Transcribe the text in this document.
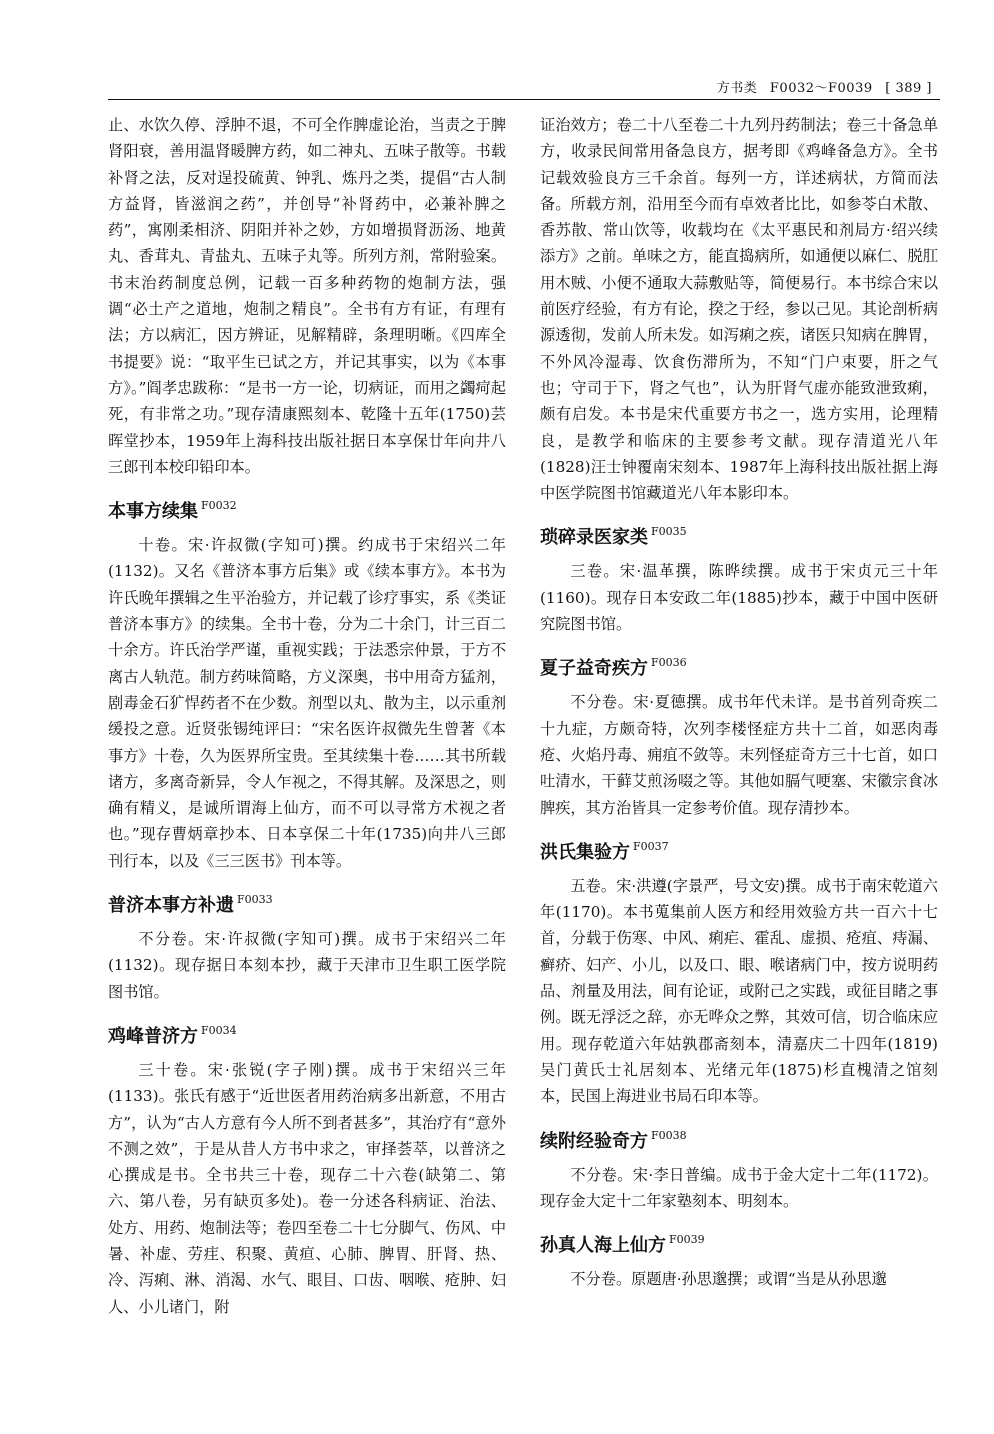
方书类 F0032～F0039 [ 389 ]

止、水饮久停、浮肿不退，不可全作脾虚论治，当责之于脾肾阳衰，善用温肾暖脾方药，如二神丸、五味子散等。书载补肾之法，反对逞投硫黄、钟乳、炼丹之类，提倡“古人制方益肾，皆滋润之药”，并创导“补肾药中，必兼补脾之药”，寓刚柔相济、阴阳并补之妙，方如增损肾沥汤、地黄丸、香茸丸、青盐丸、五味子丸等。所列方剂，常附验案。书末治药制度总例，记载一百多种药物的炮制方法，强调“必土产之道地，炮制之精良”。全书有方有证，有理有法；方以病汇，因方辨证，见解精辟，条理明晰。《四库全书提要》说：“取平生已试之方，并记其事实，以为《本事方》。”阎孝忠跋称：“是书一方一论，切病证，而用之蠲疴起死，有非常之功。”现存清康熙刻本、乾隆十五年(1750)芸晖堂抄本，1959年上海科技出版社据日本享保廿年向井八三郎刊本校印铅印本。

本事方续集 $^{F0032}$

十卷。宋·许叔微(字知可)撰。约成书于宋绍兴二年(1132)。又名《普济本事方后集》或《续本事方》。本书为许氏晚年撰辑之生平治验方，并记载了诊疗事实，系《类证普济本事方》的续集。全书十卷，分为二十余门，计三百二十余方。许氏治学严谨，重视实践；于法悉宗仲景，于方不离古人轨范。制方药味简略，方义深奥，书中用奇方猛剂，剧毒金石犷悍药者不在少数。剂型以丸、散为主，以示重剂缓投之意。近贤张锡纯评曰：“宋名医许叔微先生曾著《本事方》十卷，久为医界所宝贵。至其续集十卷……其书所载诸方，多离奇新异，令人乍视之，不得其解。及深思之，则确有精义，是诚所谓海上仙方，而不可以寻常方术视之者也。”现存曹炳章抄本、日本享保二十年(1735)向井八三郎刊行本，以及《三三医书》刊本等。

普济本事方补遗 $^{F0033}$

不分卷。宋·许叔微(字知可)撰。成书于宋绍兴二年(1132)。现存据日本刻本抄，藏于天津市卫生职工医学院图书馆。

鸡峰普济方 $^{F0034}$

三十卷。宋·张锐(字子刚)撰。成书于宋绍兴三年(1133)。张氏有感于“近世医者用药治病多出新意，不用古方”，认为“古人方意有今人所不到者甚多”，其治疗有“意外不测之效”，于是从昔人方书中求之，审择荟萃，以普济之心撰成是书。全书共三十卷，现存二十六卷(缺第二、第六、第八卷，另有缺页多处)。卷一分述各科病证、治法、处方、用药、炮制法等；卷四至卷二十七分脚气、伤风、中暑、补虚、劳疰、积聚、黄疸、心肺、脾胃、肝肾、热、冷、泻痢、淋、消渴、水气、眼目、口齿、咽喉、疮肿、妇人、小儿诸门，附

证治效方；卷二十八至卷二十九列丹药制法；卷三十备急单方，收录民间常用备急良方，据考即《鸡峰备急方》。全书记载效验良方三千余首。每列一方，详述病状，方简而法备。所载方剂，沿用至今而有卓效者比比，如参苓白术散、香苏散、常山饮等，收载均在《太平惠民和剂局方·绍兴续添方》之前。单味之方，能直捣病所，如通便以麻仁、脱肛用木贼、小便不通取大蒜敷贴等，简便易行。本书综合宋以前医疗经验，有方有论，揆之于经，参以己见。其论剖析病源透彻，发前人所未发。如泻痢之疾，诸医只知病在脾胃，不外风冷湿毒、饮食伤滞所为，不知“门户束要，肝之气也；守司于下，肾之气也”，认为肝肾气虚亦能致泄致痢，颇有启发。本书是宋代重要方书之一，选方实用，论理精良，是教学和临床的主要参考文献。现存清道光八年(1828)汪士钟覆南宋刻本、1987年上海科技出版社据上海中医学院图书馆藏道光八年本影印本。

琐碎录医家类 $^{F0035}$

三卷。宋·温革撰，陈晔续撰。成书于宋贞元三十年(1160)。现存日本安政二年(1885)抄本，藏于中国中医研究院图书馆。

夏子益奇疾方 $^{F0036}$

不分卷。宋·夏德撰。成书年代未详。是书首列奇疾二十九症，方颇奇特，次列李楼怪症方共十二首，如恶肉毒疮、火焰丹毒、痈疽不敛等。末列怪症奇方三十七首，如口吐清水，干藓艾煎汤啜之等。其他如膈气哽塞、宋徽宗食冰脾疾，其方治皆具一定参考价值。现存清抄本。

洪氏集验方 $^{F0037}$

五卷。宋·洪遵(字景严，号文安)撰。成书于南宋乾道六年(1170)。本书蒐集前人医方和经用效验方共一百六十七首，分载于伤寒、中风、痢疟、霍乱、虚损、疮疽、痔漏、癣疥、妇产、小儿，以及口、眼、喉诸病门中，按方说明药品、剂量及用法，间有论证，或附己之实践，或征目睹之事例。既无浮泛之辞，亦无哗众之弊，其效可信，切合临床应用。现存乾道六年姑孰郡斋刻本，清嘉庆二十四年(1819)吴门黄氏士礼居刻本、光绪元年(1875)杉直槐清之馆刻本，民国上海进业书局石印本等。

续附经验奇方 $^{F0038}$

不分卷。宋·李日普编。成书于金大定十二年(1172)。现存金大定十二年家塾刻本、明刻本。

孙真人海上仙方 $^{F0039}$

不分卷。原题唐·孙思邈撰；或谓“当是从孙思邈
